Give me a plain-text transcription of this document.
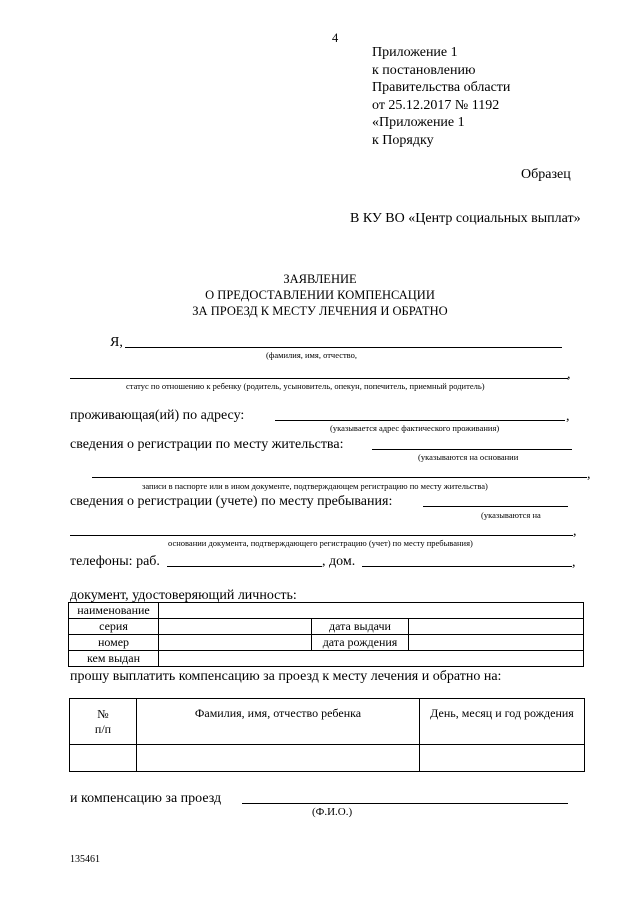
4
Приложение 1
к постановлению
Правительства области
от 25.12.2017 № 1192
«Приложение 1
к Порядку
Образец
В КУ ВО «Центр социальных выплат»
ЗАЯВЛЕНИЕ
О ПРЕДОСТАВЛЕНИИ КОМПЕНСАЦИИ
ЗА ПРОЕЗД К МЕСТУ ЛЕЧЕНИЯ И ОБРАТНО
Я,
(фамилия, имя, отчество,
,
статус по отношению к ребенку (родитель, усыновитель, опекун, попечитель, приемный родитель)
проживающая(ий) по адресу:	,
(указывается адрес фактического проживания)
сведения о регистрации по месту жительства:
(указываются на основании
,
записи в паспорте или в ином документе, подтверждающем регистрацию по месту жительства)
сведения о регистрации (учете) по месту пребывания:
(указываются на
,
основании документа, подтверждающего регистрацию (учет) по месту пребывания)
телефоны: раб.	, дом.	,
документ, удостоверяющий личность:
наименование			
серия		дата выдачи	
номер		дата рождения	
кем выдан			
прошу выплатить компенсацию за проезд к месту лечения и обратно на:
№
п/п	Фамилия, имя, отчество ребенка	День, месяц и год рождения

и компенсацию за проезд
(Ф.И.О.)
135461
